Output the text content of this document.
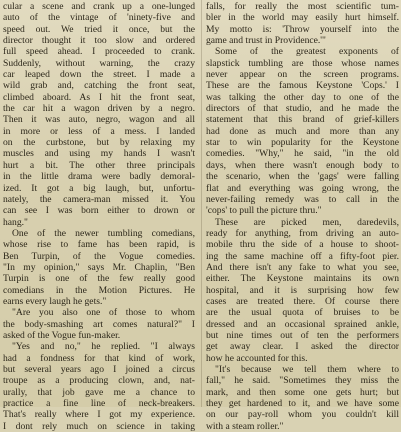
cular a scene and crank up a one-lunged
auto of the vintage of 'ninety-five and
speed out. We tried it once, but the
director thought it too slow and ordered
full speed ahead. I proceeded to crank.
Suddenly, without warning, the crazy
car leaped down the street. I made a
wild grab and, catching the front seat,
climbed aboard. As I hit the front seat,
the car hit a wagon driven by a negro.
Then it was auto, negro, wagon and all
in more or less of a mess. I landed
on the curbstone, but by relaxing my
muscles and using my hands I wasn't
hurt a bit. The other three principals
in the little drama were badly demoral-
ized. It got a big laugh, but, unfortu-
nately, the camera-man missed it. You
can see I was born either to drown or
hang."
One of the newer tumbling comedians,
whose rise to fame has been rapid, is
Ben Turpin, of the Vogue comedies.
"In my opinion," says Mr. Chaplin, "Ben
Turpin is one of the few really good
comedians in the Motion Pictures. He
earns every laugh he gets."
"Are you also one of those to whom
the body-smashing art comes natural?" I
asked of the Vogue fun-maker.
"Yes and no," he replied. "I always
had a fondness for that kind of work,
but several years ago I joined a circus
troupe as a producing clown, and, nat-
urally, that job gave me a chance to
practice a fine line of neck-breakers.
That's really where I got my experience.
I dont rely much on science in taking
falls, for really the most scientific tum-
bler in the world may easily hurt himself.
My motto is: 'Throw yourself into the
game and trust in Providence.'"
Some of the greatest exponents of
slapstick tumbling are those whose names
never appear on the screen programs.
These are the famous Keystone 'Cops.' I
was talking the other day to one of the
directors of that studio, and he made the
statement that this brand of grief-killers
had done as much and more than any
star to win popularity for the Keystone
comedies. "Why," he said, "in the old
days, when there wasn't enough body to
the scenario, when the 'gags' were falling
flat and everything was going wrong, the
never-failing remedy was to call in the
'cops' to pull the picture thru."
These are picked men, daredevils,
ready for anything, from driving an auto-
mobile thru the side of a house to shoot-
ing the same machine off a fifty-foot pier.
And there isn't any fake to what you see,
either. The Keystone maintains its own
hospital, and it is surprising how few
cases are treated there. Of course there
are the usual quota of bruises to be
dressed and an occasional sprained ankle,
but nine times out of ten the performers
get away clear. I asked the director
how he accounted for this.
"It's because we tell them where to
fall," he said. "Sometimes they miss the
mark, and then some one gets hurt; but
they get hardened to it, and we have some
on our pay-roll whom you couldn't kill
with a steam roller."
